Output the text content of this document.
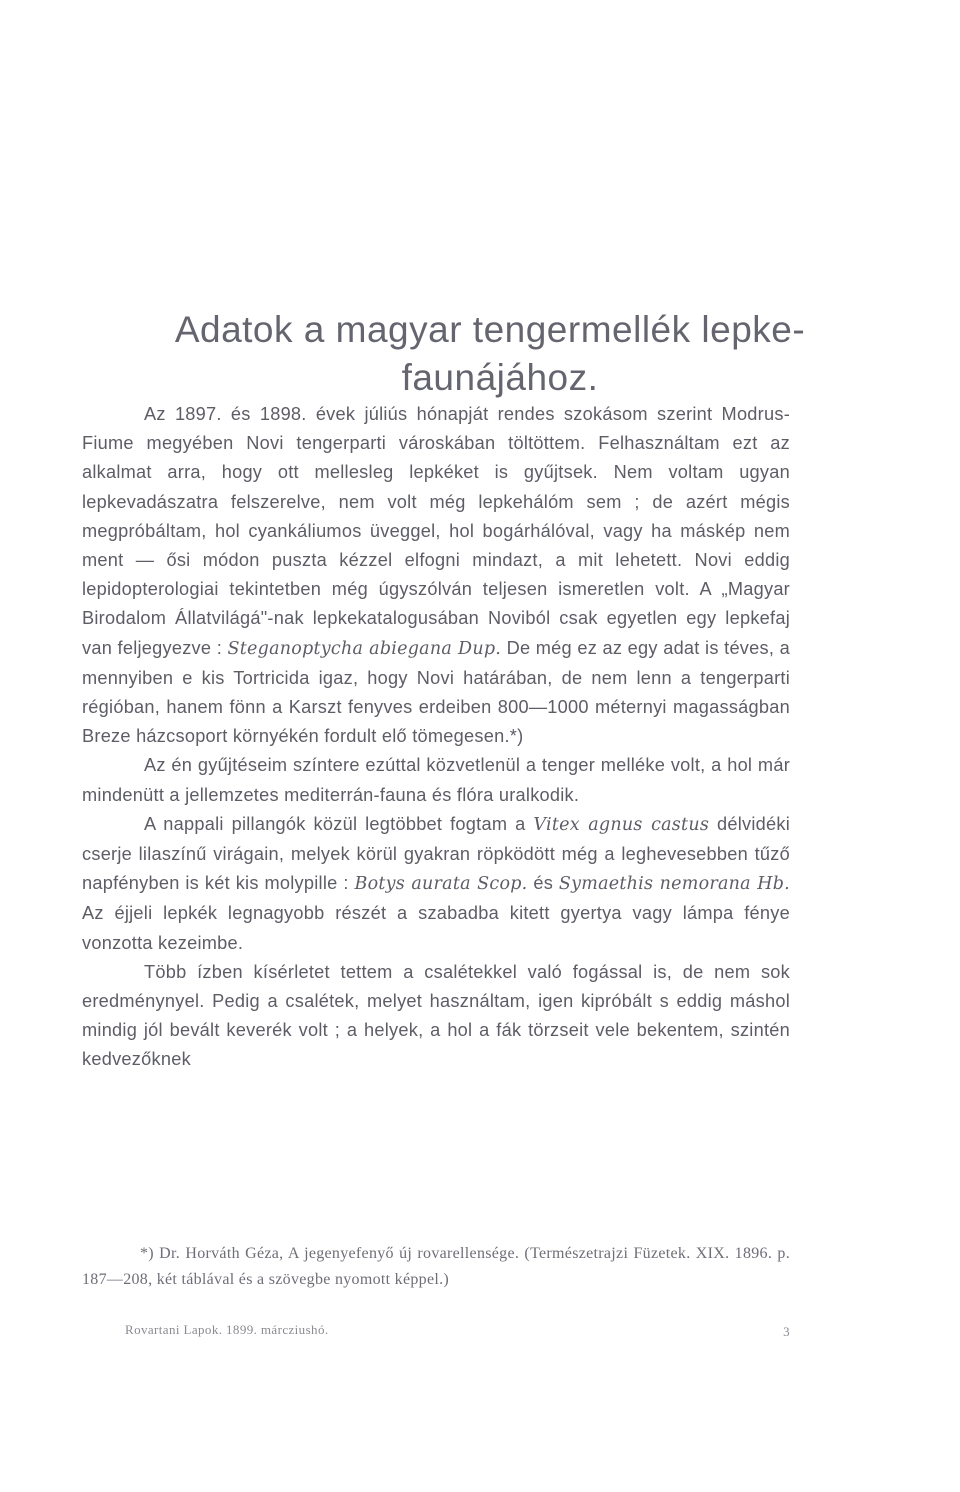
Adatok a magyar tengermellék lepke-
faunájához.

Az 1897. és 1898. évek júliús hónapját rendes szokásom szerint Modrus-Fiume megyében Novi tengerparti városkában töltöttem. Felhasználtam ezt az alkalmat arra, hogy ott mellesleg lepkéket is gyűjtsek. Nem voltam ugyan lepkevadászatra felszerelve, nem volt még lepkehálóm sem ; de azért mégis megpróbáltam, hol cyankáliumos üveggel, hol bogárhálóval, vagy ha máskép nem ment — ősi módon puszta kézzel elfogni mindazt, a mit lehetett. Novi eddig lepidopterologiai tekintetben még úgyszólván teljesen ismeretlen volt. A „Magyar Birodalom Állatvilágá"-nak lepkekatalogusában Noviból csak egyetlen egy lepkefaj van feljegyezve : Steganoptycha abiegana Dup. De még ez az egy adat is téves, a mennyiben e kis Tortricida igaz, hogy Novi határában, de nem lenn a tengerparti régióban, hanem fönn a Karszt fenyves erdeiben 800—1000 méternyi magasságban Breze házcsoport környékén fordult elő tömegesen.*)

Az én gyűjtéseim színtere ezúttal közvetlenül a tenger melléke volt, a hol már mindenütt a jellemzetes mediterrán-fauna és flóra uralkodik.

A nappali pillangók közül legtöbbet fogtam a Vitex agnus castus délvidéki cserje lilaszínű virágain, melyek körül gyakran röpködött még a leghevesebben tűző napfényben is két kis molypille : Botys aurata Scop. és Symaethis nemorana Hb. Az éjjeli lepkék legnagyobb részét a szabadba kitett gyertya vagy lámpa fénye vonzotta kezeimbe.

Több ízben kísérletet tettem a csalétekkel való fogással is, de nem sok eredménynyel. Pedig a csalétek, melyet használtam, igen kipróbált s eddig máshol mindig jól bevált keverék volt ; a helyek, a hol a fák törzseit vele bekentem, szintén kedvezőknek

*) Dr. Horváth Géza, A jegenyefenyő új rovarellensége. (Természetrajzi Füzetek. XIX. 1896. p. 187—208, két táblával és a szövegbe nyomott képpel.)

Rovartani Lapok. 1899. márcziushó.	3
